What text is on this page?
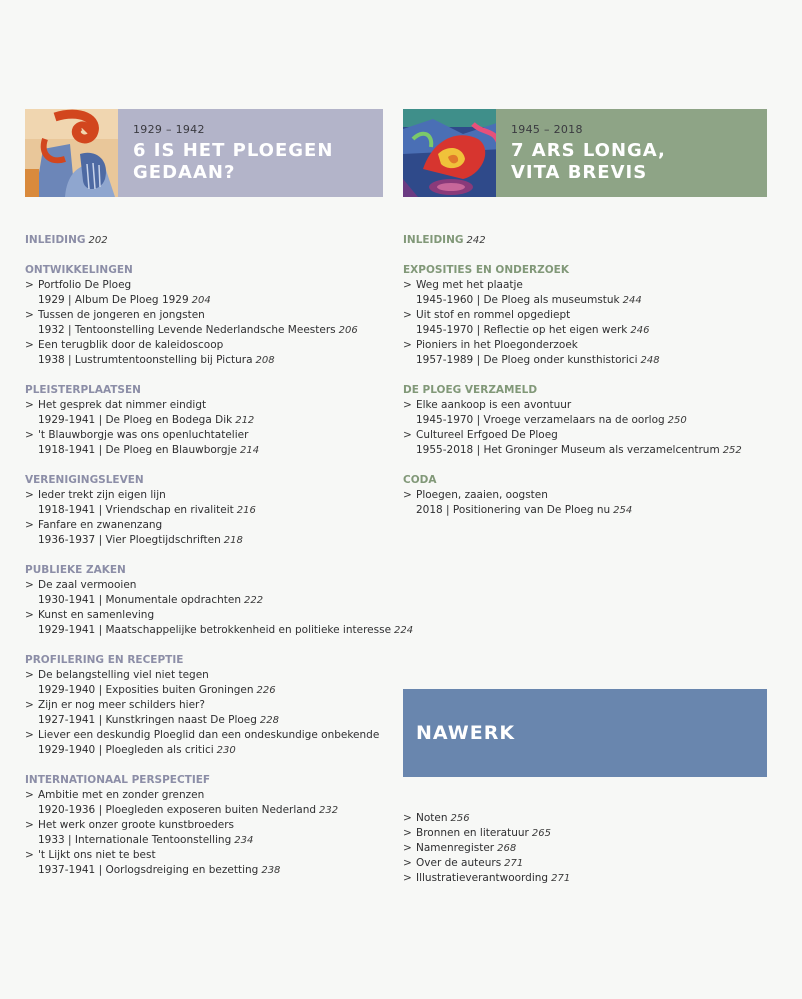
1929 – 1942
6 IS HET PLOEGEN
GEDAAN?
1945 – 2018
7 ARS LONGA,
VITA BREVIS
NAWERK
INLEIDING 202
ONTWIKKELINGEN
> Portfolio De Ploeg
1929 | Album De Ploeg 1929 204
> Tussen de jongeren en jongsten
1932 | Tentoonstelling Levende Nederlandsche Meesters 206
> Een terugblik door de kaleidoscoop
1938 | Lustrumtentoonstelling bij Pictura 208
PLEISTERPLAATSEN
> Het gesprek dat nimmer eindigt
1929-1941 | De Ploeg en Bodega Dik 212
> 't Blauwborgje was ons openluchtatelier
1918-1941 | De Ploeg en Blauwborgje 214
VERENIGINGSLEVEN
> Ieder trekt zijn eigen lijn
1918-1941 | Vriendschap en rivaliteit 216
> Fanfare en zwanenzang
1936-1937 | Vier Ploegtijdschriften 218
PUBLIEKE ZAKEN
> De zaal vermooien
1930-1941 | Monumentale opdrachten 222
> Kunst en samenleving
1929-1941 | Maatschappelijke betrokkenheid en politieke interesse 224
PROFILERING EN RECEPTIE
> De belangstelling viel niet tegen
1929-1940 | Exposities buiten Groningen 226
> Zijn er nog meer schilders hier?
1927-1941 | Kunstkringen naast De Ploeg 228
> Liever een deskundig Ploeglid dan een ondeskundige onbekende
1929-1940 | Ploegleden als critici 230
INTERNATIONAAL PERSPECTIEF
> Ambitie met en zonder grenzen
1920-1936 | Ploegleden exposeren buiten Nederland 232
> Het werk onzer groote kunstbroeders
1933 | Internationale Tentoonstelling 234
> 't Lijkt ons niet te best
1937-1941 | Oorlogsdreiging en bezetting 238
INLEIDING 242
EXPOSITIES EN ONDERZOEK
> Weg met het plaatje
1945-1960 | De Ploeg als museumstuk 244
> Uit stof en rommel opgediept
1945-1970 | Reflectie op het eigen werk 246
> Pioniers in het Ploegonderzoek
1957-1989 | De Ploeg onder kunsthistorici 248
DE PLOEG VERZAMELD
> Elke aankoop is een avontuur
1945-1970 | Vroege verzamelaars na de oorlog 250
> Cultureel Erfgoed De Ploeg
1955-2018 | Het Groninger Museum als verzamelcentrum 252
CODA
> Ploegen, zaaien, oogsten
2018 | Positionering van De Ploeg nu 254
> Noten 256
> Bronnen en literatuur 265
> Namenregister 268
> Over de auteurs 271
> Illustratieverantwoording 271
